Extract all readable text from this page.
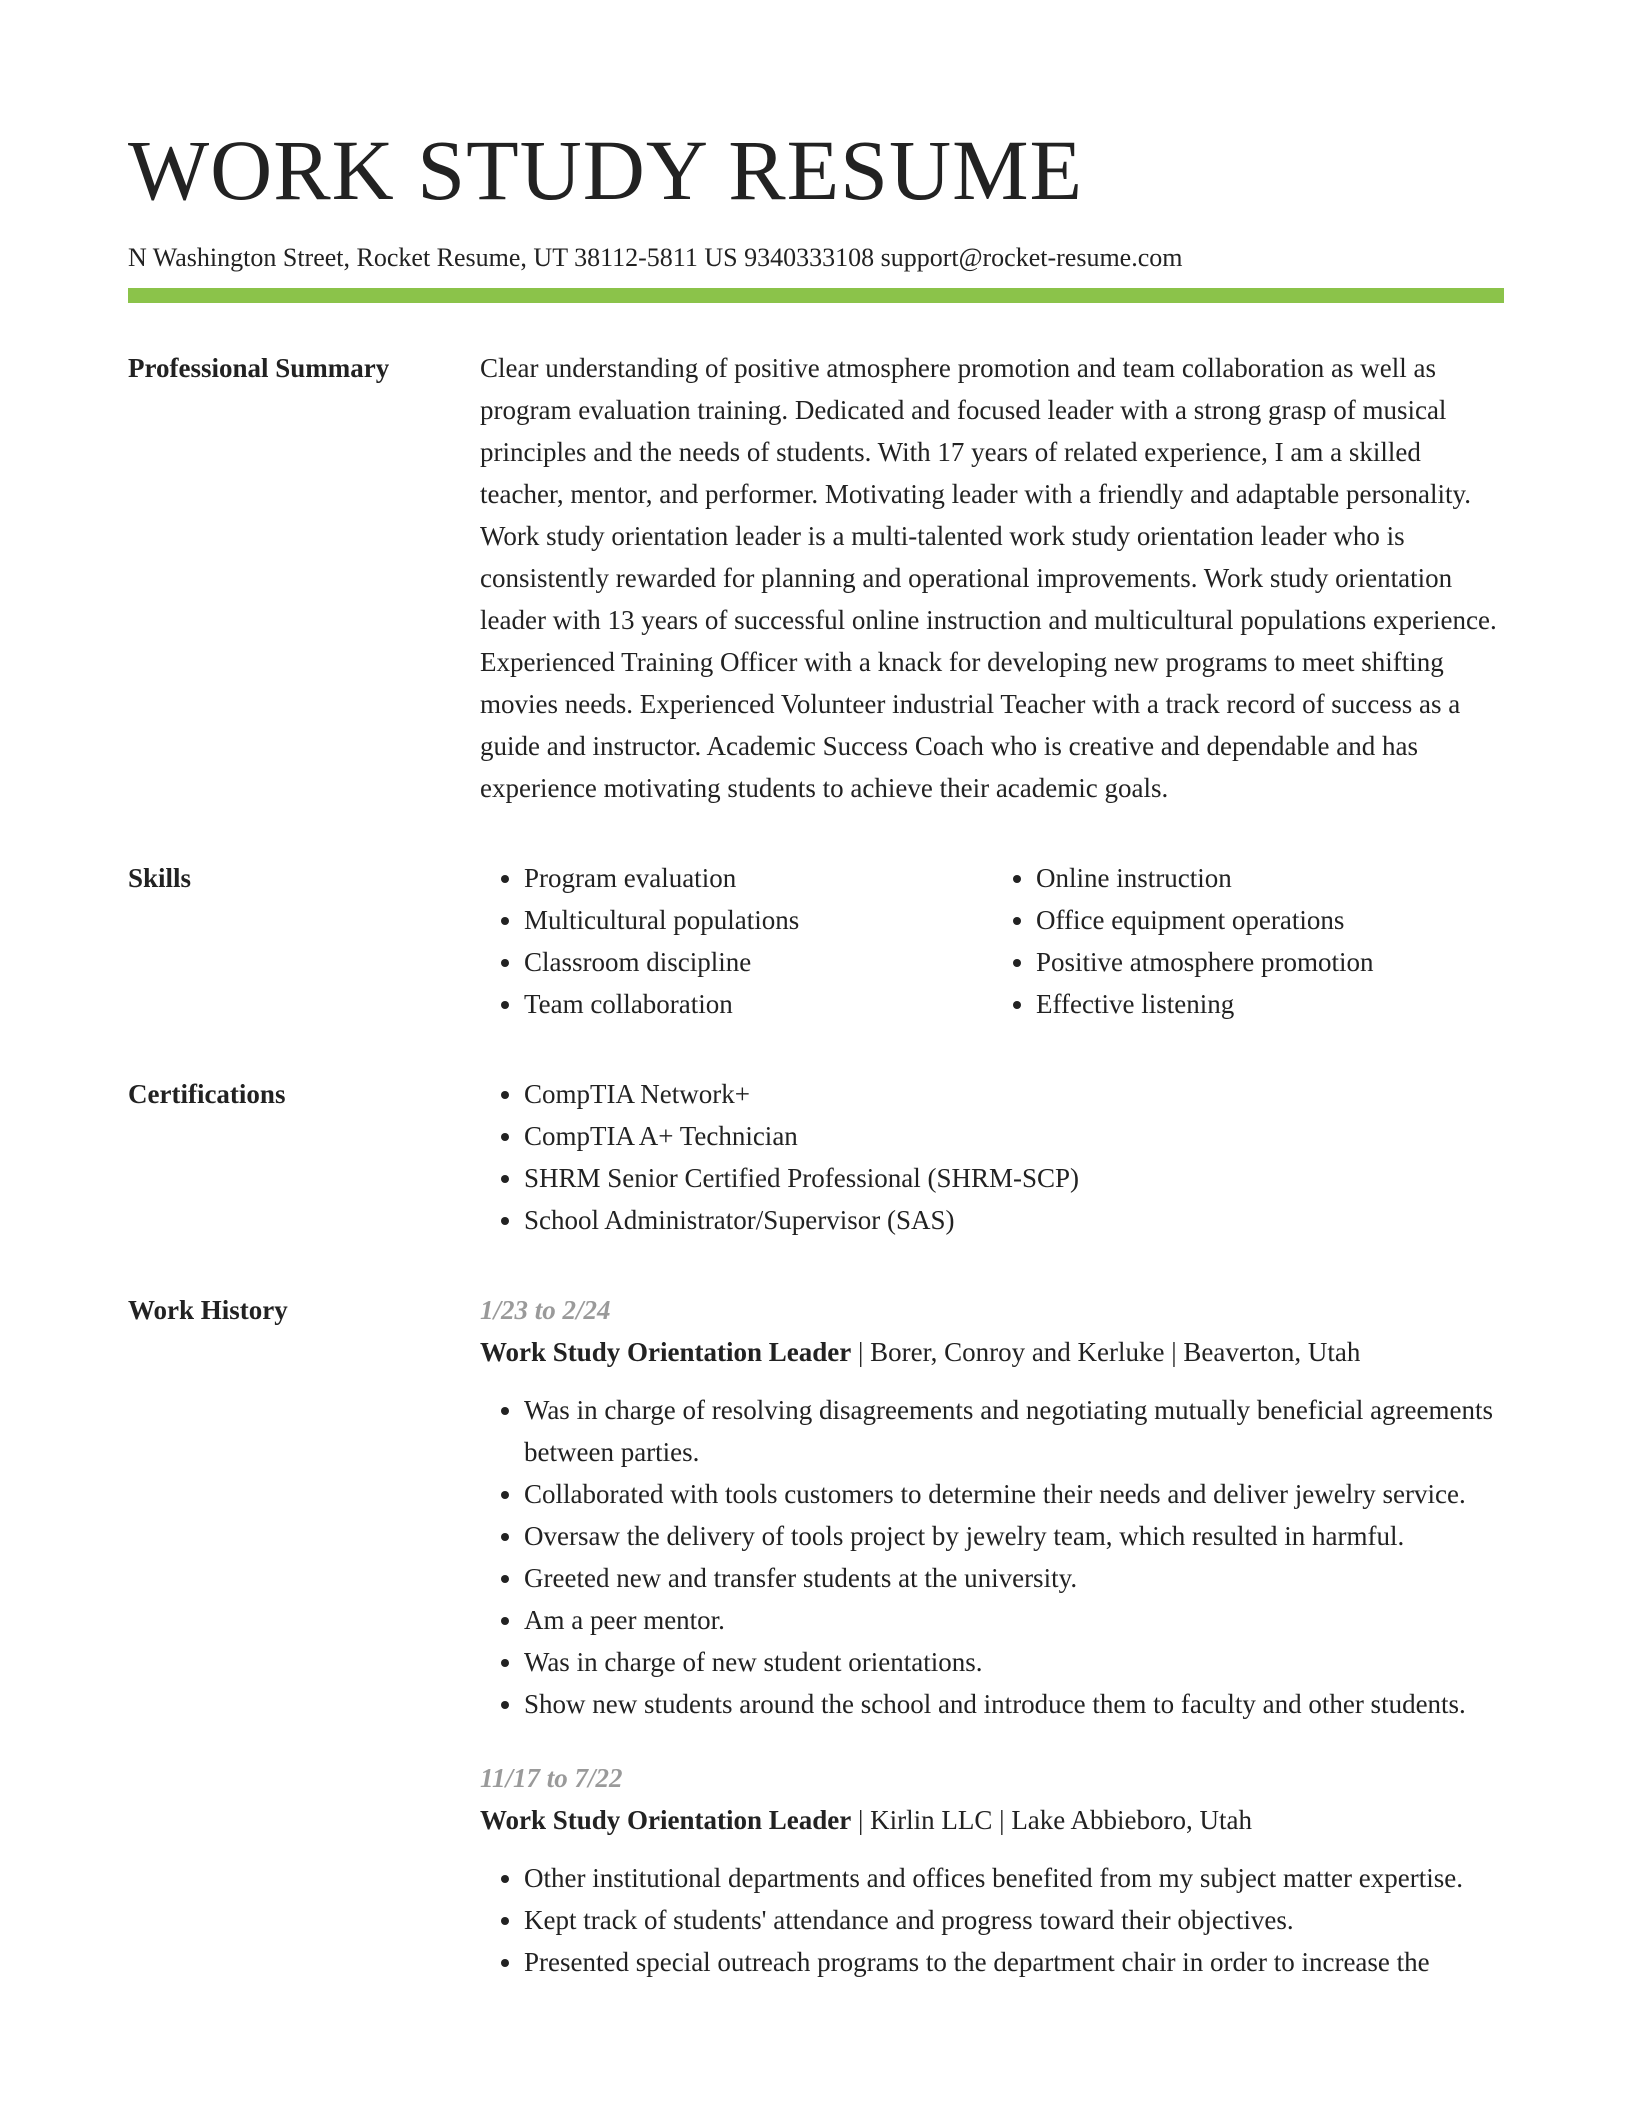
WORK STUDY RESUME
N Washington Street, Rocket Resume, UT 38112-5811 US 9340333108 support@rocket-resume.com
Professional Summary	Clear understanding of positive atmosphere promotion and team collaboration as well as program evaluation training. Dedicated and focused leader with a strong grasp of musical principles and the needs of students. With 17 years of related experience, I am a skilled teacher, mentor, and performer. Motivating leader with a friendly and adaptable personality. Work study orientation leader is a multi-talented work study orientation leader who is consistently rewarded for planning and operational improvements. Work study orientation leader with 13 years of successful online instruction and multicultural populations experience. Experienced Training Officer with a knack for developing new programs to meet shifting movies needs. Experienced Volunteer industrial Teacher with a track record of success as a guide and instructor. Academic Success Coach who is creative and dependable and has experience motivating students to achieve their academic goals.

Skills	• Program evaluation
• Multicultural populations
• Classroom discipline
• Team collaboration
• Online instruction
• Office equipment operations
• Positive atmosphere promotion
• Effective listening
Certifications	• CompTIA Network+
• CompTIA A+ Technician
• SHRM Senior Certified Professional (SHRM-SCP)
• School Administrator/Supervisor (SAS)
Work History	1/23 to 2/24
Work Study Orientation Leader | Borer, Conroy and Kerluke | Beaverton, Utah
• Was in charge of resolving disagreements and negotiating mutually beneficial agreements between parties.
• Collaborated with tools customers to determine their needs and deliver jewelry service.
• Oversaw the delivery of tools project by jewelry team, which resulted in harmful.
• Greeted new and transfer students at the university.
• Am a peer mentor.
• Was in charge of new student orientations.
• Show new students around the school and introduce them to faculty and other students.
11/17 to 7/22
Work Study Orientation Leader | Kirlin LLC | Lake Abbieboro, Utah
• Other institutional departments and offices benefited from my subject matter expertise.
• Kept track of students' attendance and progress toward their objectives.
• Presented special outreach programs to the department chair in order to increase the
